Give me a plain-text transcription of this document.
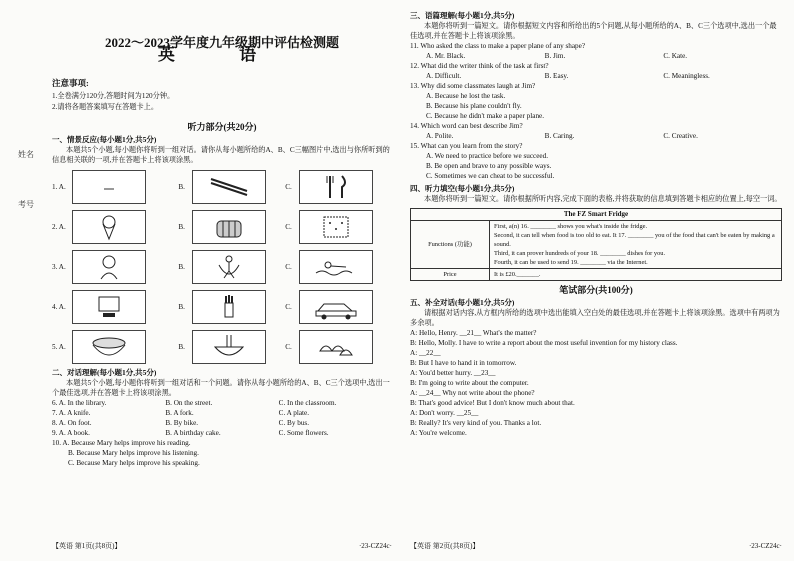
姓名
考号
2022～2023学年度九年级期中评估检测题
英 语
注意事项:
1.全卷满分120分,答题时间为120分钟。
2.请将各题答案填写在答题卡上。
听力部分(共20分)
一、情景反应(每小题1分,共5分)
本题共5个小题,每小题你将听到一组对话。请你从每小题所给的A、B、C三幅图片中,选出与你所听到的信息相关联的一项,并在答题卡上将该项涂黑。
1. A.	B.	C.
2. A.	B.	C.
3. A.	B.	C.
4. A.	B.	C.
5. A.	B.	C.
二、对话理解(每小题1分,共5分)
本题共5个小题,每小题你将听到一组对话和一个问题。请你从每小题所给的A、B、C三个选项中,选出一个最佳选项,并在答题卡上将该项涂黑。
6. A. In the library.	B. On the street.	C. In the classroom.
7. A. A knife.	B. A fork.	C. A plate.
8. A. On foot.	B. By bike.	C. By bus.
9. A. A book.	B. A birthday cake.	C. Some flowers.
10. A. Because Mary helps improve his reading.
B. Because Mary helps improve his listening.
C. Because Mary helps improve his speaking.
【英语 第1页(共8页)】	·23-CZ24c·
三、语篇理解(每小题1分,共5分)
本题你将听到一篇短文。请你根据短文内容和所给出的5个问题,从每小题所给的A、B、C三个选项中,选出一个最佳选项,并在答题卡上将该项涂黑。
11. Who asked the class to make a paper plane of any shape?
A. Mr. Black.	B. Jim.	C. Kate.
12. What did the writer think of the task at first?
A. Difficult.	B. Easy.	C. Meaningless.
13. Why did some classmates laugh at Jim?
A. Because he lost the task.
B. Because his plane couldn't fly.
C. Because he didn't make a paper plane.
14. Which word can best describe Jim?
A. Polite.	B. Caring.	C. Creative.
15. What can you learn from the story?
A. We need to practice before we succeed.
B. Be open and brave to any possible ways.
C. Sometimes we can cheat to be successful.
四、听力填空(每小题1分,共5分)
本题你将听到一篇短文。请你根据所听内容,完成下面的表格,并将获取的信息填到答题卡相应的位置上,每空一词。
The FZ Smart Fridge	
Functions (功能)	First, a(n) 16. ________ shows you what's inside the fridge.
Second, it can tell when food is too old to eat. It 17. ________ you of the food that can't be eaten by making a sound.
Third, it can prover hundreds of your 18. ________ dishes for you.
Fourth, it can be used to send 19. ________ via the Internet.

Price	It is £20._______.
笔试部分(共100分)
五、补全对话(每小题1分,共5分)
请根据对话内容,从方框内所给的选项中选出能填入空白处的最佳选项,并在答题卡上将该项涂黑。选项中有两项为多余项。
A: Hello, Henry. __21__ What's the matter?
B: Hello, Molly. I have to write a report about the most useful invention for my history class.
A: __22__
B: But I have to hand it in tomorrow.
A: You'd better hurry. __23__
B: I'm going to write about the computer.
A: __24__ Why not write about the phone?
B: That's good advice! But I don't know much about that.
A: Don't worry. __25__
B: Really? It's very kind of you. Thanks a lot.
A: You're welcome.
【英语 第2页(共8页)】	·23-CZ24c·
